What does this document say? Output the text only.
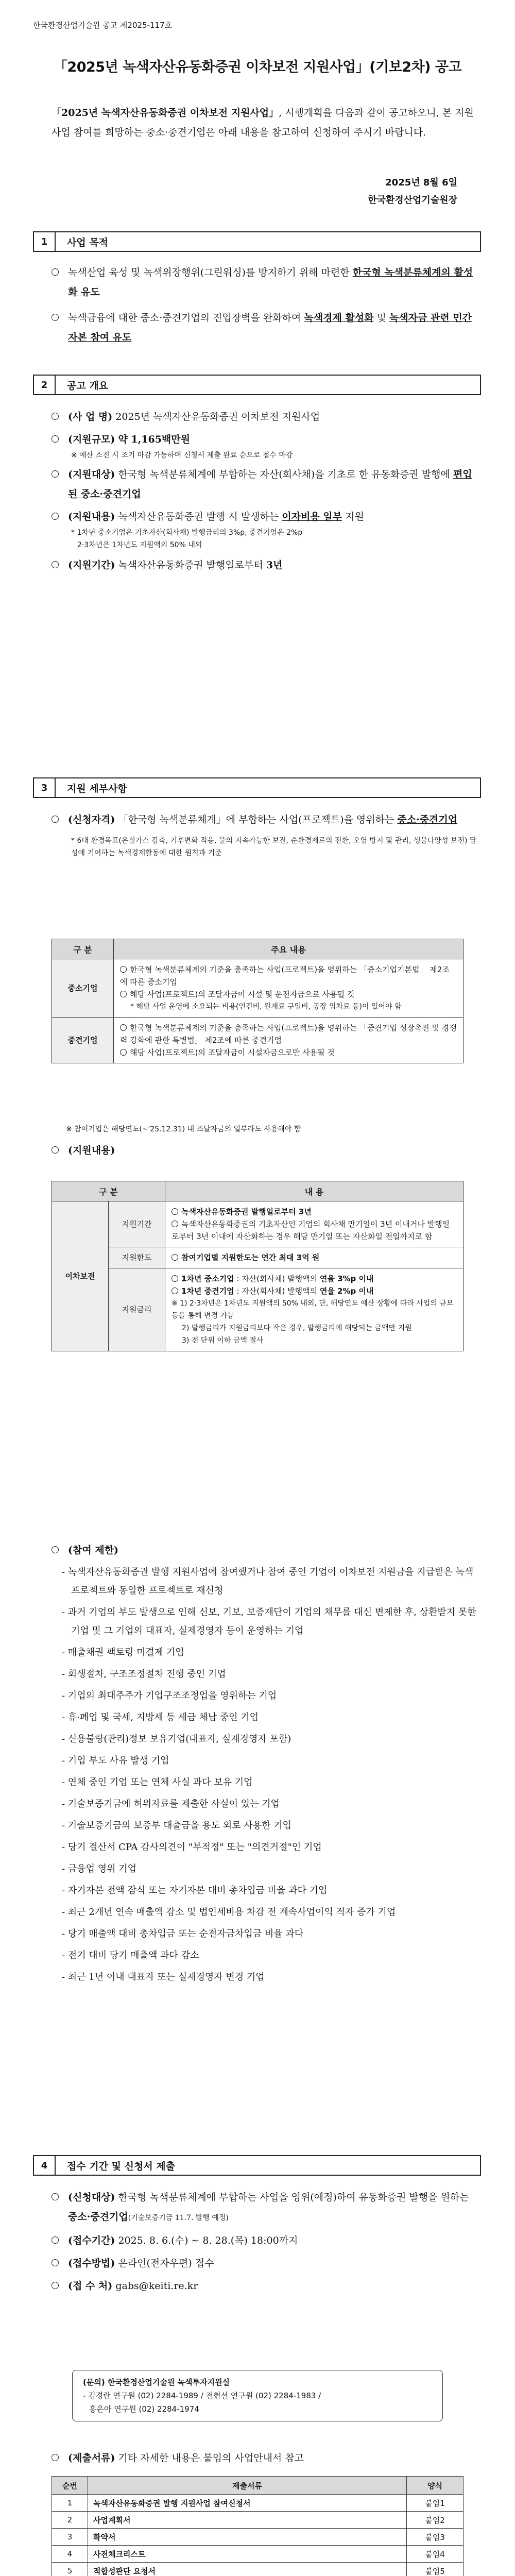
한국환경산업기술원 공고 제2025-117호
「2025년 녹색자산유동화증권 이차보전 지원사업」(기보2차) 공고
「2025년 녹색자산유동화증권 이차보전 지원사업」, 시행계획을 다음과 같이 공고하오니, 본 지원사업 참여를 희망하는 중소·중견기업은 아래 내용을 참고하여 신청하여 주시기 바랍니다.
2025년 8월 6일
한국환경산업기술원장
1	사업 목적
녹색산업 육성 및 녹색위장행위(그린워싱)를 방지하기 위해 마련한 한국형 녹색분류체계의 활성화 유도
녹색금융에 대한 중소·중견기업의 진입장벽을 완화하여 녹색경제 활성화 및 녹색자금 관련 민간자본 참여 유도
2	공고 개요
(사 업 명) 2025년 녹색자산유동화증권 이차보전 지원사업
(지원규모) 약 1,165백만원
※ 예산 소진 시 조기 마감 가능하며 신청서 제출 완료 순으로 접수 마감
(지원대상) 한국형 녹색분류체계에 부합하는 자산(회사채)을 기초로 한 유동화증권 발행에 편입된 중소·중견기업
(지원내용) 녹색자산유동화증권 발행 시 발생하는 이자비용 일부 지원
* 1차년 중소기업은 기초자산(회사채) 발행금리의 3%p, 중견기업은 2%p
2·3차년은 1차년도 지원액의 50% 내외
(지원기간) 녹색자산유동화증권 발행일로부터 3년
3	지원 세부사항
(신청자격) 「한국형 녹색분류체계」에 부합하는 사업(프로젝트)을 영위하는 중소·중견기업
* 6대 환경목표(온실가스 감축, 기후변화 적응, 물의 지속가능한 보전, 순환경제로의 전환, 오염 방지 및 관리, 생물다양성 보전) 달성에 기여하는 녹색경제활동에 대한 원칙과 기준
구 분	주요 내용
중소기업	한국형 녹색분류체계의 기준을 충족하는 사업(프로젝트)을 영위하는 「중소기업기본법」 제2조에 따른 중소기업
해당 사업(프로젝트)의 조달자금이 시설 및 운전자금으로 사용될 것
* 해당 사업 운영에 소요되는 비용(인건비, 원재료 구입비, 공장 임차료 등)이 있어야 함

중견기업	한국형 녹색분류체계의 기준을 충족하는 사업(프로젝트)을 영위하는 「중견기업 성장촉진 및 경쟁력 강화에 관한 특별법」 제2조에 따른 중견기업
해당 사업(프로젝트)의 조달자금이 시설자금으로만 사용될 것
※ 참여기업은 해당연도(~'25.12.31) 내 조달자금의 일부라도 사용해야 함
(지원내용)
구 분		내 용
이차보전	지원기간	녹색자산유동화증권 발행일로부터 3년
녹색자산유동화증권의 기초자산인 기업의 회사채 만기일이 3년 이내거나 발행일로부터 3년 이내에 자산화하는 경우 해당 만기일 또는 자산화일 전일까지로 함

	지원한도	참여기업별 지원한도는 연간 최대 3억 원

	지원금리	1차년 중소기업 : 자산(회사채) 발행액의 연율 3%p 이내
1차년 중견기업 : 자산(회사채) 발행액의 연율 2%p 이내
※ 1) 2·3차년은 1차년도 지원액의 50% 내외, 단, 해당연도 예산 상황에 따라 사업의 규모 등을 통해 변경 가능
2) 발행금리가 지원금리보다 작은 경우, 발행금리에 해당되는 금액만 지원
3) 전 단위 이하 금액 절사
(참여 제한)
- 녹색자산유동화증권 발행 지원사업에 참여했거나 참여 중인 기업이 이차보전 지원금을 지급받은 녹색프로젝트와 동일한 프로젝트로 재신청
- 과거 기업의 부도 발생으로 인해 신보, 기보, 보증재단이 기업의 채무를 대신 변제한 후, 상환받지 못한 기업 및 그 기업의 대표자, 실제경영자 등이 운영하는 기업
- 매출채권 팩토링 미결제 기업
- 회생절차, 구조조정절차 진행 중인 기업
- 기업의 최대주주가 기업구조조정업을 영위하는 기업
- 휴·폐업 및 국세, 지방세 등 세금 체납 중인 기업
- 신용불량(관리)정보 보유기업(대표자, 실제경영자 포함)
- 기업 부도 사유 발생 기업
- 연체 중인 기업 또는 연체 사실 과다 보유 기업
- 기술보증기금에 허위자료를 제출한 사실이 있는 기업
- 기술보증기금의 보증부 대출금을 용도 외로 사용한 기업
- 당기 결산서 CPA 감사의견이 "부적정" 또는 "의견거절"인 기업
- 금융업 영위 기업
- 자기자본 전액 잠식 또는 자기자본 대비 총차입금 비율 과다 기업
- 최근 2개년 연속 매출액 감소 및 법인세비용 차감 전 계속사업이익 적자 증가 기업
- 당기 매출액 대비 총차입금 또는 순전자금차입금 비율 과다
- 전기 대비 당기 매출액 과다 감소
- 최근 1년 이내 대표자 또는 실제경영자 변경 기업
4	접수 기간 및 신청서 제출
(신청대상) 한국형 녹색분류체계에 부합하는 사업을 영위(예정)하여 유동화증권 발행을 원하는 중소·중견기업(기술보증기금 11.7. 발행 예정)
(접수기간) 2025. 8. 6.(수) ~ 8. 28.(목) 18:00까지
(접수방법) 온라인(전자우편) 접수
(접 수 처) gabs@keiti.re.kr
(문의) 한국환경산업기술원 녹색투자지원실
- 김경란 연구원 (02) 2284-1989 / 전현선 연구원 (02) 2284-1983 /
홍은아 연구원 (02) 2284-1974
(제출서류) 기타 자세한 내용은 붙임의 사업안내서 참고
순번	제출서류	양식
1	녹색자산유동화증권 발행 지원사업 참여신청서	붙임1
2	사업계획서	붙임2
3	확약서	붙임3
4	사전체크리스트	붙임4
5	적합성판단 요청서	붙임5
